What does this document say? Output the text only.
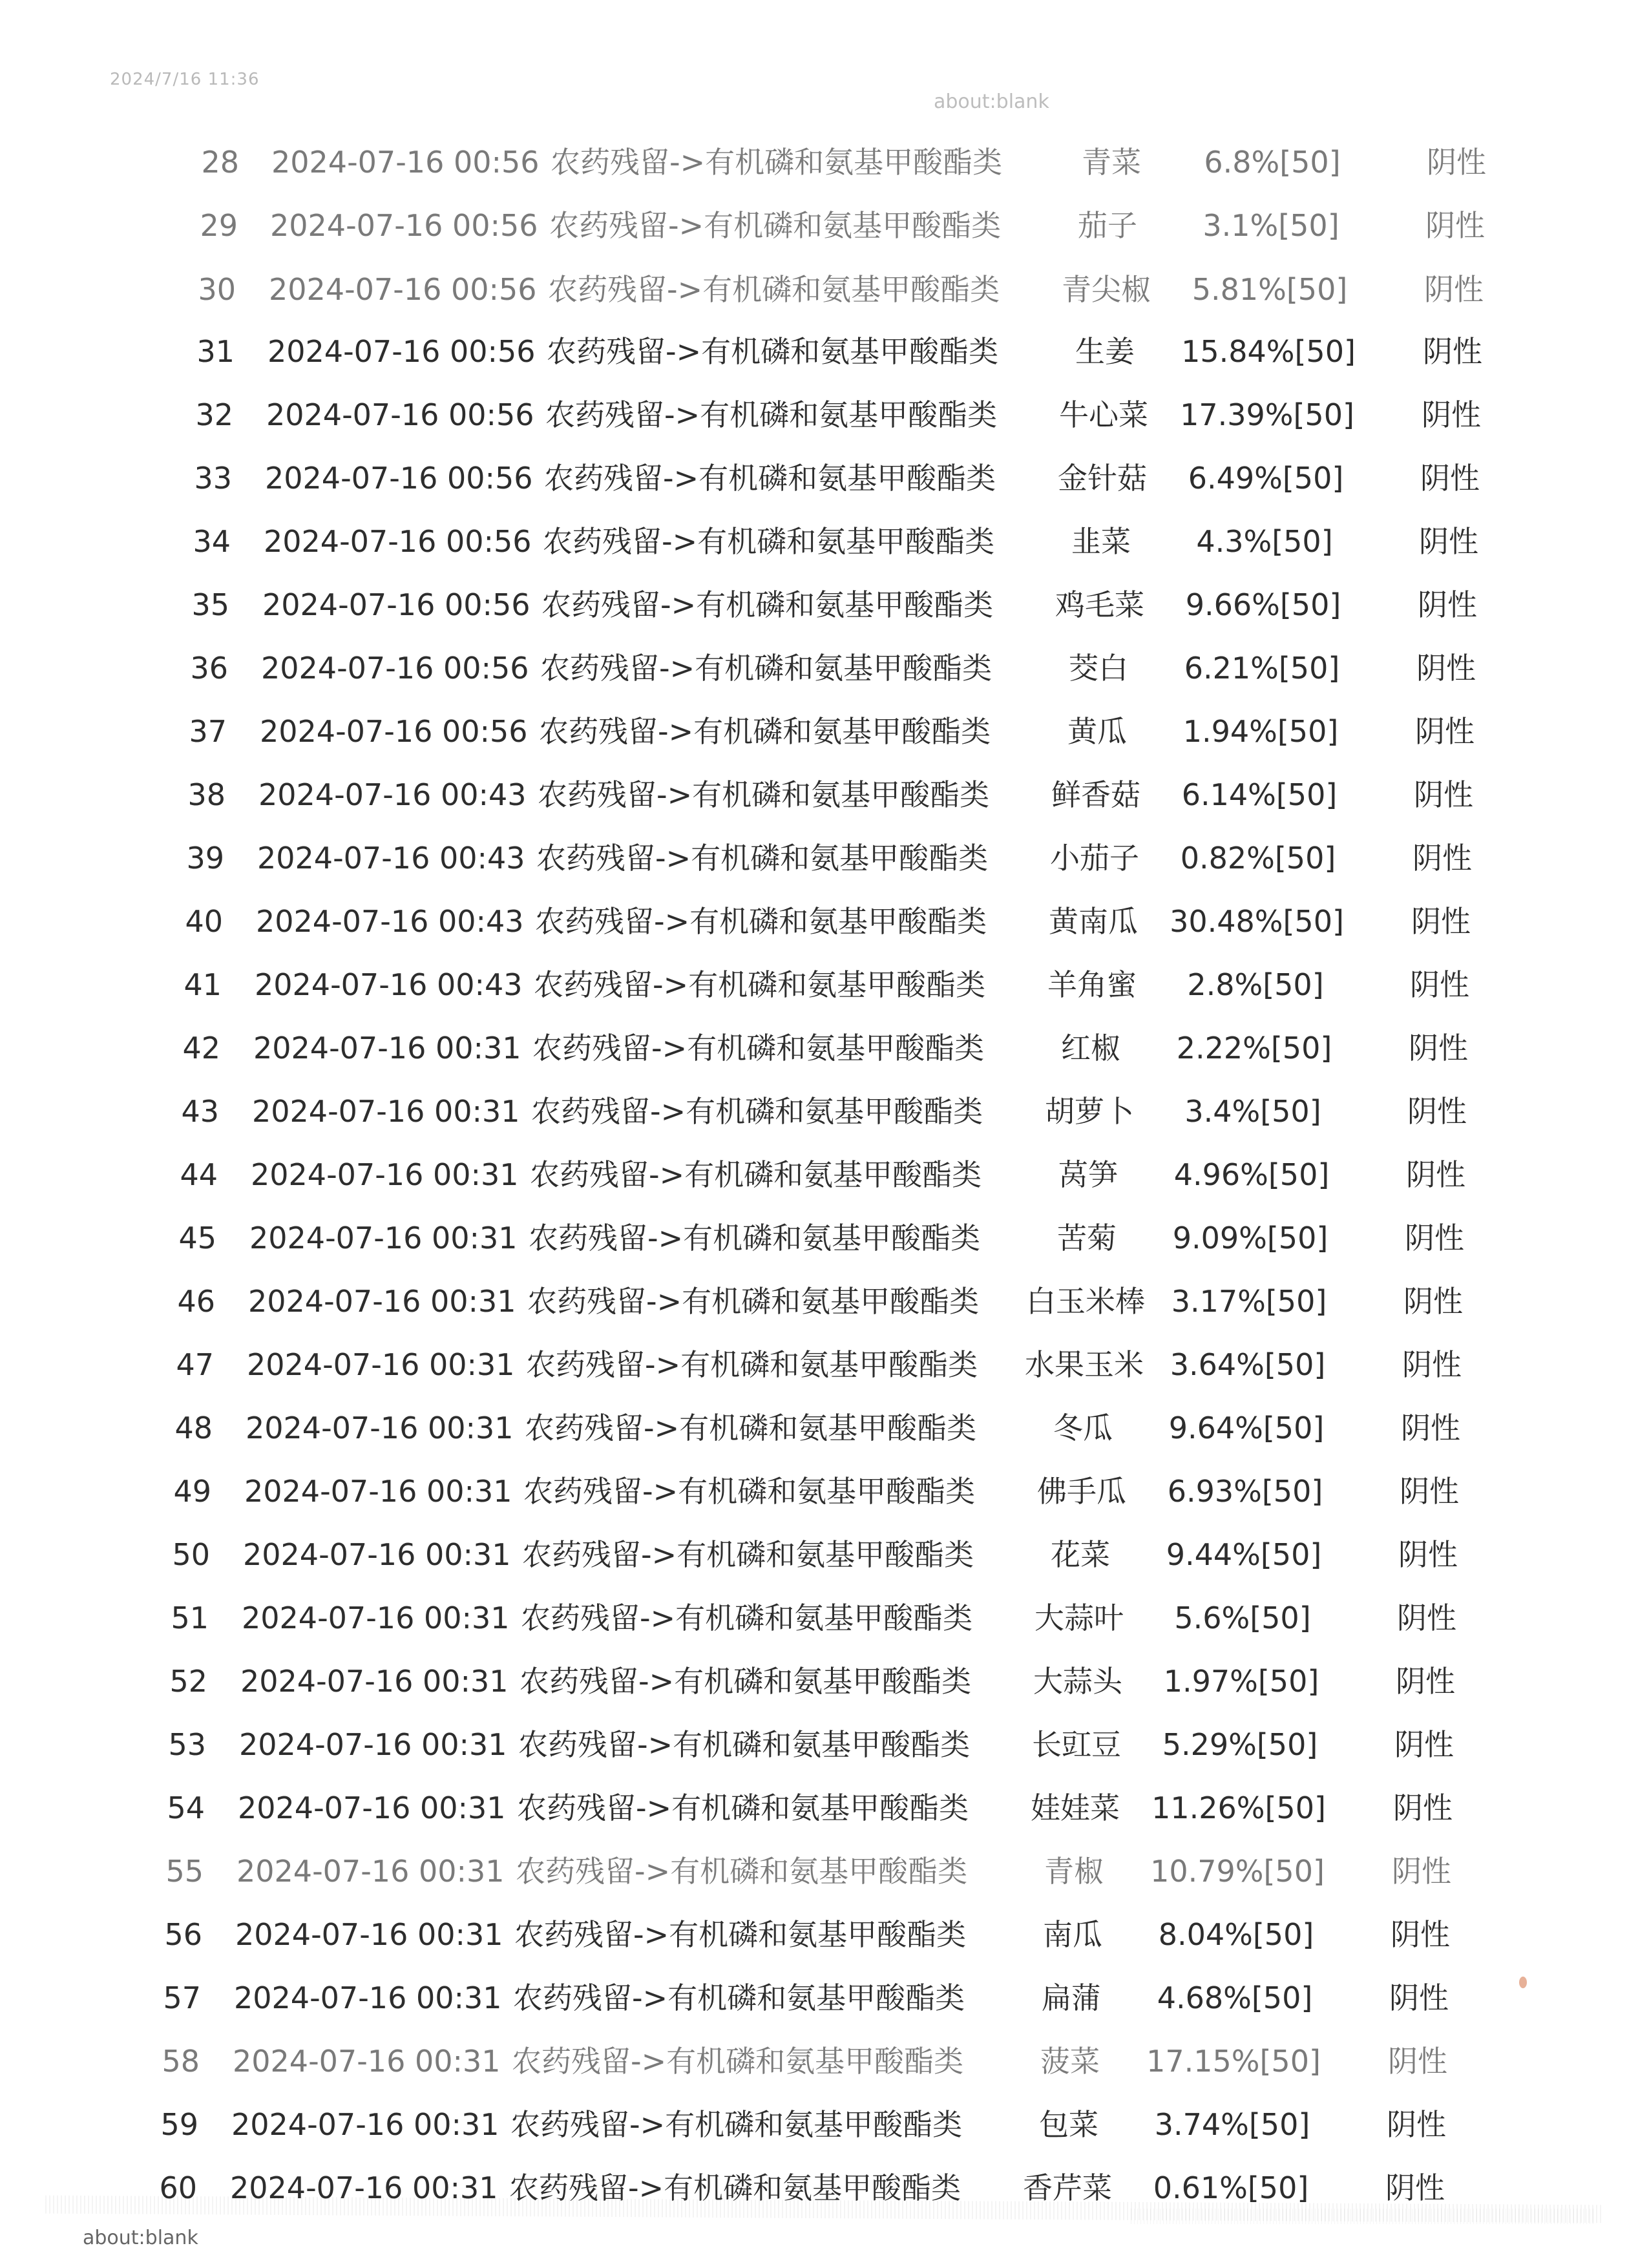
2024/7/16 11:36
about:blank
28 2024-07-16 00:56 农药残留->有机磷和氨基甲酸酯类	青菜	6.8%[50]	阴性
29 2024-07-16 00:56 农药残留->有机磷和氨基甲酸酯类	茄子	3.1%[50]	阴性
30 2024-07-16 00:56 农药残留->有机磷和氨基甲酸酯类	青尖椒	5.81%[50]	阴性
31 2024-07-16 00:56 农药残留->有机磷和氨基甲酸酯类	生姜	15.84%[50]	阴性
32 2024-07-16 00:56 农药残留->有机磷和氨基甲酸酯类	牛心菜	17.39%[50]	阴性
33 2024-07-16 00:56 农药残留->有机磷和氨基甲酸酯类	金针菇	6.49%[50]	阴性
34 2024-07-16 00:56 农药残留->有机磷和氨基甲酸酯类	韭菜	4.3%[50]	阴性
35 2024-07-16 00:56 农药残留->有机磷和氨基甲酸酯类	鸡毛菜	9.66%[50]	阴性
36 2024-07-16 00:56 农药残留->有机磷和氨基甲酸酯类	茭白	6.21%[50]	阴性
37 2024-07-16 00:56 农药残留->有机磷和氨基甲酸酯类	黄瓜	1.94%[50]	阴性
38 2024-07-16 00:43 农药残留->有机磷和氨基甲酸酯类	鲜香菇	6.14%[50]	阴性
39 2024-07-16 00:43 农药残留->有机磷和氨基甲酸酯类	小茄子	0.82%[50]	阴性
40 2024-07-16 00:43 农药残留->有机磷和氨基甲酸酯类	黄南瓜	30.48%[50]	阴性
41 2024-07-16 00:43 农药残留->有机磷和氨基甲酸酯类	羊角蜜	2.8%[50]	阴性
42 2024-07-16 00:31 农药残留->有机磷和氨基甲酸酯类	红椒	2.22%[50]	阴性
43 2024-07-16 00:31 农药残留->有机磷和氨基甲酸酯类	胡萝卜	3.4%[50]	阴性
44 2024-07-16 00:31 农药残留->有机磷和氨基甲酸酯类	莴笋	4.96%[50]	阴性
45 2024-07-16 00:31 农药残留->有机磷和氨基甲酸酯类	苦菊	9.09%[50]	阴性
46 2024-07-16 00:31 农药残留->有机磷和氨基甲酸酯类 白玉米棒 3.17%[50]	阴性
47 2024-07-16 00:31 农药残留->有机磷和氨基甲酸酯类 水果玉米 3.64%[50]	阴性
48 2024-07-16 00:31 农药残留->有机磷和氨基甲酸酯类	冬瓜	9.64%[50]	阴性
49 2024-07-16 00:31 农药残留->有机磷和氨基甲酸酯类	佛手瓜	6.93%[50]	阴性
50 2024-07-16 00:31 农药残留->有机磷和氨基甲酸酯类	花菜	9.44%[50]	阴性
51 2024-07-16 00:31 农药残留->有机磷和氨基甲酸酯类	大蒜叶	5.6%[50]	阴性
52 2024-07-16 00:31 农药残留->有机磷和氨基甲酸酯类	大蒜头	1.97%[50]	阴性
53 2024-07-16 00:31 农药残留->有机磷和氨基甲酸酯类	长豇豆	5.29%[50]	阴性
54 2024-07-16 00:31 农药残留->有机磷和氨基甲酸酯类	娃娃菜	11.26%[50]	阴性
55 2024-07-16 00:31 农药残留->有机磷和氨基甲酸酯类	青椒	10.79%[50]	阴性
56 2024-07-16 00:31 农药残留->有机磷和氨基甲酸酯类	南瓜	8.04%[50]	阴性
57 2024-07-16 00:31 农药残留->有机磷和氨基甲酸酯类	扁蒲	4.68%[50]	阴性
58 2024-07-16 00:31 农药残留->有机磷和氨基甲酸酯类	菠菜	17.15%[50]	阴性
59 2024-07-16 00:31 农药残留->有机磷和氨基甲酸酯类	包菜	3.74%[50]	阴性
60 2024-07-16 00:31 农药残留->有机磷和氨基甲酸酯类	香芹菜	0.61%[50]	阴性
about:blank
